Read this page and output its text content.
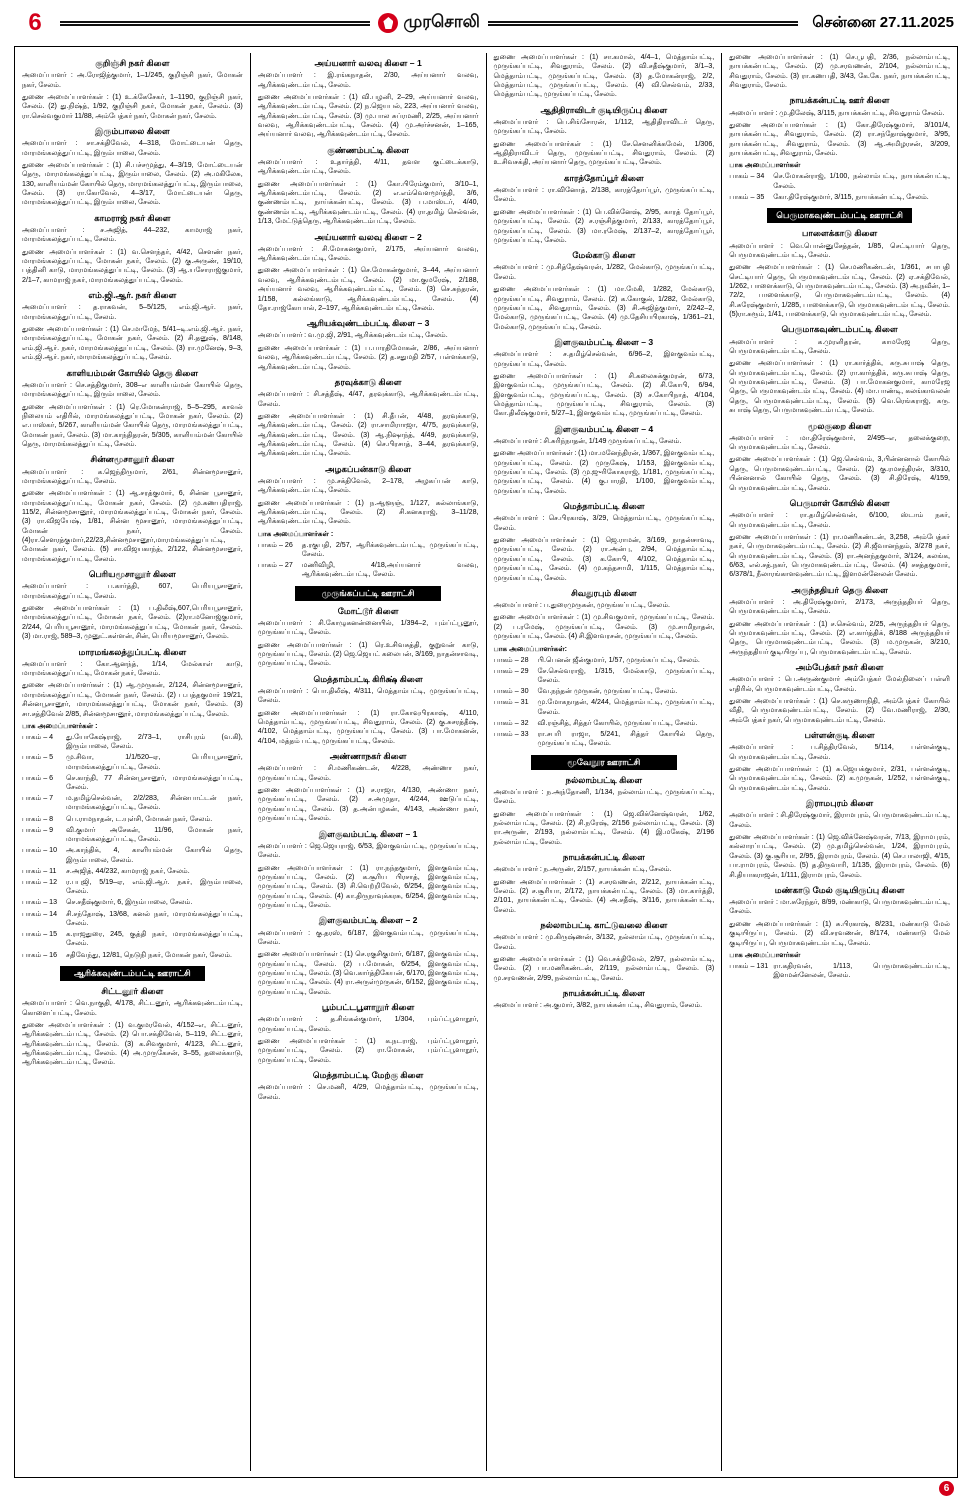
6	முரசொலி	சென்னை 27.11.2025
குறிஞ்சி நகர் கிளை

அமைப்பாளர் : அ.ரோஜித்குமார், 1–1/245, குறிஞ்சி நகர், மோகன் நகர், சேலம்.

துணை அமைப்பாளர்கள் : (1) உ.க்கேசேகர், 1–1190, குறிஞ்சி நகர், சேலம். (2) து.நிஷ்த், 1/92, குறிஞ்சி நகர், மோகன் நகர், சேலம். (3) ரா.செல்வகுமார் 11/88, அம்பேத்கர் நகர், மோகன் நகர், சேலம்.

இரும்பாலை கிளை

அமைப்பாளர் : சா.சக்திவேல், 4–318, மோட்டையன் தெரு, மாரமங்கலத்துப்பட்டி, இரும்பாலை, சேலம்.

துணை அமைப்பாளர்கள் : (1) சி.பச்சமுத்து, 4–3/19, மோட்டையன் தெரு, மாரமங்கலத்துப்பட்டி, இரும்பாலை, சேலம். (2) அ.மகிலேசு, 130, காளியம்மன் கோயில் தெரு, மாரமங்கலத்துப்பட்டி, இரும்பாலை, சேலம். (3) ரா.கோவேல், 4–3/17, மோட்டையன் தெரு, மாரமங்கலத்துப்பட்டி, இரும்பாலை, சேலம்.

காமராஜ் நகர் கிளை

அமைப்பாளர் : ச.அஜித், 44–232, காமராஜ் நகர், மாரமங்கலத்துப்பட்டி, சேலம்.

துணை அமைப்பாளர்கள் : (1) வ.சௌந்தர், 4/42, சௌண் நகர், மாரமங்கலத்துப்பட்டி, மோகன் நகர், சேலம். (2) கு.அருண், 19/10, பத்தினி காடு, மாரமங்கலத்துப்பட்டி, சேலம். (3) ஆ.யசோராஜ்குமார், 2/1–7, காமராஜ் நகர், மாரமங்கலத்துப்பட்டி, சேலம்.

எம்.ஜி.ஆர். நகர் கிளை

அமைப்பாளர் : த.ராகவன், 5–5/125, எம்.ஜி.ஆர். நகர், மாரமங்கலத்துப்பட்டி, சேலம்.

துணை அமைப்பாளர்கள் : (1) செ.மாமேந், 5/41–டி.எம்.ஜி.ஆர். நகர், மாரமங்கலத்துப்பட்டி, மோகன் நகர், சேலம். (2) சி.தனுஷ், 8/148, எம்.ஜி.ஆர். நகர், மாரமங்கலத்துப்பட்டி, சேலம். (3) ரா.முனேஷ், 9–3, எம்.ஜி.ஆர். நகர், மாரமங்கலத்துப்பட்டி, சேலம்.

காளியம்மன் கோயில் தெரு கிளை

அமைப்பாளர் : செ.சத்திகுமார், 308–எ காளியம்மன் கோயில் தெரு, மாரமங்கலத்துப்பட்டி, இரும்பாலை, சேலம்.

துணை அமைப்பாளர்கள் : (1) ரெ.மோகன்ராஜ், 5–5–295, காவல் நிலையம் எதிரில், மாரமங்கலத்துப்பட்டி, மோகன் நகர், சேலம். (2) எ.பாஸ்கர், 5/267, காளியம்மன் கோயில் தெரு, மாரமங்கலத்துப்பட்டி, மோகன் நகர், சேலம். (3) மா.காந்திதரன், 5/305, காளியம்மன் கோயில் தெரு, மாரமங்கலத்துப்பட்டி, சேலம்.

சின்னமூசானூர் கிளை

அமைப்பாளர் : க.ஜெந்திருமார், 2/61, சின்னமூசானூர், மாரமங்கலத்துப்பட்டி, சேலம்.

துணை அமைப்பாளர்கள் : (1) ஆ.சரத்குமார், 6, சின்ன பூசானூர், மாரமங்கலத்துப்பட்டி, மோகன் நகர், சேலம். (2) மு.கணபதிராஜ், 115/2, சின்னமூசானூர், மாரமங்கலத்துப்பட்டி, மோகன் நகர், சேலம். (3) ரா.விஜயேஷ், 1/81, சின்ன மூசானூர், மாரமங்கலத்துப்பட்டி, மோகன் நகர், சேலம். (4)ரா.சௌரத்குமார்,22/23,சின்னமூசானூர்,மாரமங்கலத்துப்பட்டி, மோகன் நகர், சேலம். (5) சா.விஜயகாந்த், 2/122, சின்னமூசானூர், மாரமங்கலத்துப்பட்டி, சேலம்.

பெரியமூசானூர் கிளை

அமைப்பாளர் : ப.கார்த்தி, 607, பெரியபூசானூர், மாரமங்கலத்துப்பட்டி, சேலம்.

துணை அமைப்பாளர்கள் : (1) ப.திலீஷ்,607,பெரியபூசானூர், மாரமங்கலத்துப்பட்டி, மோகன் நகர், சேலம். (2)ரா.மனோஜ்குமார், 2/244, பெரியபூசானூர், மாரமங்கலத்துப்பட்டி, மோகன் நகர், சேலம். (3) மா.ராஜ், 589–3, முனுட்.கள்ளன், சின், பெரியமூசானூர், சேலம்.

மாரமங்கலத்துப்பட்டி கிளை

அமைப்பாளர் : கோ.ஆனந்த், 1/14, மேல்காள் காடு, மாரமங்கலத்துப்பட்டி, மோகன் நகர், சேலம்.

துணை அமைப்பாளர்கள் : (1) ஆ.முருகன், 2/124, சின்னமூசானூர், மாரமங்கலத்துப்பட்டி, மோகன் நகர், சேலம். (2) ப.பத்தகுமார் 19/21, சின்னபூசானூர், மாரமங்கலத்துப்பட்டி, மோகன் நகர், சேலம். (3) சா.சத்திவேல் 2/85, சின்னமூசானூர், மாரமங்கலத்துப்பட்டி, சேலம்.

பாக அமைப்பாளர்கள் :
பாகம் – 4	து.யோகேஷ்ராஜ், 2/73–1, ராசிபுரம் (வ.கி), இரும்பாலை, சேலம்.
பாகம் – 5	மு.சிவா, 1/1/520–ஏ, பெரியபூசானூர், மாரமங்கலத்துப்பட்டி, சேலம்.
பாகம் – 6	செ.காந்தி, 77 சின்னபூசானூர், மாரமங்கலத்துப்பட்டி, சேலம்.
பாகம் – 7	ம.தமிழ்செல்வன், 2/2/283, சின்னபாட்டன் நகர், மாரமங்கலத்துப்பட்டி, சேலம்.
பாகம் – 8	பெ.ராமநாதன், ட.யுள்சி, மோகன் நகர், சேலம்.
பாகம் – 9	வி.குமார் அசேகன், 11/96, மோகன் நகர், மாரமங்கலத்துப்பட்டி, சேலம்.
பாகம் – 10	அ.காந்திக், 4, காளியம்மன் கோயில் தெரு, இரும்பாலை, சேலம்.
பாகம் – 11	ச.அஜித், 44/232, காமராஜ் நகர், சேலம்.
பாகம் – 12	ர.பபுஜி, 5/19–ஏ, எம்.ஜி.ஆர். நகர், இரும்பாலை, சேலம்.
பாகம் – 13	செ.சதீஷ்குமார், 6, இரும்பாலை, சேலம்.
பாகம் – 14	சி.சந்தோஷ், 13/68, கனல் நகர், மாரமங்கலத்துப்பட்டி, சேலம்.
பாகம் – 15	க.ராஜதுரை, 245, குத்தி நகர், மாரமங்கலத்துப்பட்டி, சேலம்.
பாகம் – 16	சதிவேந்து, 12/81, நெடுநி நகர், மோகன் நகர், சேலம்.
ஆரிக்கவுண்டம்பட்டி ஊராட்சி
சிட்டனூர் கிளை

அமைப்பாளர் : வெ.நாகுதி, 4/178, சிட்டனூர், ஆரிக்கவுண்டம்பட்டி, கொளைப்பட்டி, சேலம்.

துணை அமைப்பாளர்கள் : (1) வ.குமரவேல், 4/152–எ, சிட்டனூர், ஆரிக்கவுண்டம்பட்டி, சேலம். (2) பொ.சக்திவேல், 5–119, சிட்டனூர், ஆரிக்கவுண்டம்பட்டி, சேலம். (3) க.சிவகுமார், 4/123, சிட்டனூர், ஆரிக்கவுண்டம்பட்டி, சேலம். (4) அ.முருகேசன், 3–55, தலைக்காடு, ஆரிக்கவுண்டம்பட்டி, சேலம்.

அய்யனார் வலவு கிளை – 1

அமைப்பாளர் : இ.ரங்கநாதன், 2/30, அய்யனார் வலவு, ஆரிக்கவுண்டம்பட்டி, சேலம்.

துணை அமைப்பாளர்கள் : (1) வி.பழனி, 2–29, அய்யனார் வலவு, ஆரிக்கவுண்டம்பட்டி, சேலம். (2) ந.ஜெயபல், 223, அய்யனார் வலவு, ஆரிக்கவுண்டம்பட்டி, சேலம். (3) மு.பால சுப்ரமணி, 2/25, அய்யனார் வலவு, ஆரிக்கவுண்டம்பட்டி, சேலம். (4) மு.அர்ச்சனன், 1–165, அய்யனார் வலவு, ஆரிக்கவுண்டம்பட்டி, சேலம்.

குண்ணம்பட்டி கிளை

அமைப்பாளர் : உதார்த்தி, 4/11, தவள குட்டைக்காடு, ஆரிக்கவுண்டம்பட்டி, சேலம்.

துணை அமைப்பாளர்கள் : (1) கோ.பிரேம்குமார், 3/10–1, ஆரிக்கவுண்டம்பட்டி, சேலம். (2) எ.எம்வெளமூர்த்தி, 3/6, குண்ணம்பட்டி, நாய்க்கன்பட்டி, சேலம். (3) ப.மாஸ்டர், 4/40, குண்ணம்பட்டி, ஆரிக்கவுண்டம்பட்டி, சேலம். (4) ரா.தமிழ் செல்வன், 1/13, மேட்டுத்தெரு, ஆரிக்கவுண்டம்பட்டி, சேலம்.

அய்யனார் வலவு கிளை – 2

அமைப்பாளர் : சி.மோகனகுமார், 2/175, அய்யனார் வலவு, ஆரிக்கவுண்டம்பட்டி, சேலம்.

துணை அமைப்பாளர்கள் : (1) செ.மோகன்குமார், 3–44, அய்யனார் வலவு, ஆரிக்கவுண்டம்பட்டி, சேலம். (2) மா.குமரேஷ், 2/188, அய்யனார் வலவு, ஆரிக்கவுண்டம்பட்டி, சேலம். (3) செ.சுந்தரன், 1/158, கல்லங்காடு, ஆரிக்கவுண்டம்பட்டி, சேலம். (4) தோ.ராஜ்கோபால், 2–197, ஆரிக்கவுண்டம்பட்டி, சேலம்.

ஆரியக்வுண்டம்பட்டி கிளை – 3

அமைப்பாளர் : வ.மு.ஜி, 2/91, ஆரிக்கவுண்டம்பட்டி, சேலம்.

துணை அமைப்பாளர்கள் : (1) ப.பாரதிமோகன், 2/86, அய்யனார் வலவு, ஆரிக்கவுண்டம்பட்டி, சேலம். (2) த.சதுமதி 2/57, பள்ளக்காடு, ஆரிக்கவுண்டம்பட்டி, சேலம்.

தரவுக்காடு கிளை

அமைப்பாளர் : சி.சத்தீஷ், 4/47, தரவுக்காடு, ஆரிக்கவுண்டம்பட்டி, சேலம்.

துணை அமைப்பாளர்கள் : (1) சி.தீபன், 4/48, தரவுக்காடு, ஆரிக்கவுண்டம்பட்டி, சேலம். (2) ரா.சாமிராாஜா, 4/75, தரவுக்காடு, ஆரிக்கவுண்டம்பட்டி, சேலம். (3) ஆ.நிஷாந்த், 4/49, தரவுக்காடு, ஆரிக்கவுண்டம்பட்டி, சேலம். (4) செ.பிரசாத், 3–44, தரவுக்காடு, ஆரிக்கவுண்டம்பட்டி, சேலம்.

அழகப்பன்காடு கிளை

அமைப்பாளர் : மு.சக்திவேல், 2–178, அழகப்பன் காடு, ஆரிக்கவுண்டம்பட்டி, சேலம்.

துணை அமைப்பாளர்கள் : (1) ந.ஆளூஞ், 1/127, கல்லாங்காடு, ஆரிக்கவுண்டம்பட்டி, சேலம். (2) சி.கனகராஜ், 3–11/28, ஆரிக்கவுண்டம்பட்டி, சேலம்.

பாக அமைப்பாளர்கள் :
பாகம் – 26	த.ரகுபதி, 2/57, ஆரிக்கவுண்டம்பட்டி, முருங்கப்பட்டி, சேலம்.
பாகம் – 27	மணிவிழி, 4/18,அய்யனார் வலவு, ஆரிக்கவுண்டம்பட்டி, சேலம்.
முருங்கப்பட்டி ஊராட்சி
மோட்டூர் கிளை

அமைப்பாளர் : சி.கோழுகனன்னையில், 1/394–2, பும்ப்ட்பூனூர், முருங்கப்பட்டி, சேலம்.

துணை அமைப்பாளர்கள் : (1) ரெ.உசிவசுத்தி, குறுவன் காடு, முருங்கப்பட்டி, சேலம். (2) ஜெ.ஜெயட் கலைபன், 3/169, நாதன்சாவடி, முருங்கப்பட்டி, சேலம்.

மெத்தாம்பட்டி கிரிக்ஷ் கிளை

அமைப்பாளர் : பொ.திலீஷ், 4/311, மெத்தாம்பட்டி, முருங்கப்பட்டி, சேலம்.

துணை அமைப்பாளர்கள் : (1) ரா.கோவுபிரகாஷ், 4/110, மெத்தாம்பட்டி, முருங்கப்பட்டி, சிவதுராம், சேலம். (2) கு.சுசரத்தீஷ், 4/102, மெத்தாம்பட்டி, முருங்கப்பட்டி, சேலம். (3) பா.மோகனன், 4/104, மத்தம் பட்டி, முருங்கப்பட்டி, சேலம்.

அண்ணாநகர் கிளை

அமைப்பாளர் : சி.மணிகண்டன், 4/228, அண்ணா நகர், முருங்கப்பட்டி, சேலம்.

துணை அமைப்பாளர்கள் : (1) ச.ராஜா, 4/130, அண்ணா நகர், முருங்கப்பட்டி, சேலம். (2) ச.அமுதா, 4/244, ஊடுப்பட்டி, முருங்கப்பட்டி, சேலம். (3) த.அன்பழகன், 4/143, அண்ணா நகர், முருங்கப்பட்டி, சேலம்.

இளகுவம்பட்டி கிளை – 1

அமைப்பாளர் : ஜெ.ஜெயராஜ், 6/53, இளகுவம்பட்டி, முருங்கப்பட்டி, சேலம்.

துணை அமைப்பாளர்கள் : (1) ரா.நந்தகுமார், இளகுவம்பட்டி, முருங்கப்பட்டி, சேலம். (2) க.சூரிய பிரசாத், இளகுவம்பட்டி, முருங்கப்பட்டி, சேலம். (3) சி.வெற்றிவேல், 6/254, இளகுவம்பட்டி, முருங்கப்பட்டி, சேலம். (4) கா.திருநாவுக்கரசு, 6/254, இளகுவம்பட்டி, முருங்கப்பட்டி, சேலம்.

இளகுவம்பட்டி கிளை – 2

அமைப்பாளர் : கு.தரஸ், 6/187, இளகுவம்பட்டி, முருங்கப்பட்டி, சேலம்.

துணை அமைப்பாளர்கள் : (1) செ.ரகுசிகுமார், 6/187, இளகுவம்பட்டி, முருங்கப்பட்டி, சேலம். (2) ப.மோகன், 6/254, இளகுவம்பட்டி, முருங்கப்பட்டி, சேலம். (3) வெ.கார்த்திகேயன், 6/170, இளகுவம்பட்டி, முருங்கப்பட்டி, சேலம். (4) ரா.அருள்முருகன், 6/152, இளகுவம்பட்டி, முருங்கப்பட்டி, சேலம்.

பூம்பட்டபூளாநூர் கிளை

அமைப்பாளர் : த.சிங்கன்குமார், 1/304, பும்ப்ட்பூளாநூர், முருங்கப்பட்டி, சேலம்.

துணை அமைப்பாளர்கள் : (1) க.நடராஜ், பும்ப்ட்பூளாநூர், முருங்கப்பட்டி, சேலம். (2) ரா.மோகன், பும்ப்ட்பூளாநூர், முருங்கப்பட்டி, சேலம்.

மெத்தாம்பட்டி மேற்கு கிளை

அமைப்பாளர் : செ.மணி, 4/29, மெத்தாம்பட்டி, முருங்கப்பட்டி, சேலம்.

துணை அமைப்பாளர்கள் : (1) சா.கமால், 4/4–1, மெத்தாம்பட்டி, முருங்கப்பட்டி, சிவதுராம், சேலம். (2) வி.சதீஷ்குமார், 3/1–3, மெத்தாம்பட்டி, முருங்கப்பட்டி, சேலம். (3) த.மோகன்ராஜ், 2/2, மெத்தாம்பட்டி, முருங்கப்பட்டி, சேலம். (4) வி.செல்வம், 2/33, மெத்தாம்பட்டி, முருங்கப்பட்டி, சேலம்.

ஆதிதிராவிடர் குடியிருப்பு கிளை

அமைப்பாளர் : பெ.சிங்சோரன், 1/112, ஆதிதிராவிடர் தெரு, முருங்கப்பட்டி, சேலம்.

துணை அமைப்பாளர்கள் : (1) சே.சௌனிக்கமேல், 1/306, ஆதிதிராவிடர் தெரு, முருங்கப்பட்டி, சிவதுராம், சேலம். (2) உ.சிவசக்தி, அய்யனார் தெரு, முருங்கப்பட்டி, சேலம்.

காரத்தோப்பூர் கிளை

அமைப்பாளர் : ரா.வினோத், 2/138, காரத்தோப்பூர், முருங்கப்பட்டி, சேலம்.

துணை அமைப்பாளர்கள் : (1) பெ.விக்னேஷ், 2/95, காரத் தோப்பூர், முருங்கப்பட்டி, சேலம். (2) ச.ரஞ்சித்குமார், 2/133, காரத்தோப்பூர், முருங்கப்பட்டி, சேலம். (3) மா.ரமேஷ், 2/137–2, காரத்தோப்பூர், முருங்கப்பட்டி, சேலம்.

மேல்காடு கிளை

அமைப்பாளர் : மு.சித்தேஷ்வரன், 1/282, மேல்காடு, முருங்கப்பட்டி, சேலம்.

துணை அமைப்பாளர்கள் : (1) மா.மேகி, 1/282, மேல்காடு, முருங்கப்பட்டி, சிவதுராம், சேலம். (2) க.கோகுல், 1/282, மேல்காடு, முருங்கப்பட்டி, சிவதுராம், சேலம். (3) சி.அஜித்குமார், 2/242–2, மேல்காடு, முருங்கப்பட்டி, சேலம். (4) மு.தேசியபிரகாஷ், 1/361–21, மேல்காடு, முருங்கப்பட்டி, சேலம்.

இளகுவம்பட்டி கிளை – 3

அமைப்பாளர் : ச.தமிழ்செல்வன், 6/96–2, இளகுவம்பட்டி, முருங்கப்பட்டி, சேலம்.

துணை அமைப்பாளர்கள் : (1) சி.கலைசுக்குமரன், 6/73, இளகுவம்பட்டி, முருங்கப்பட்டி, சேலம். (2) சி.கோபி, 6/94, இளகுவம்பட்டி, முருங்கப்பட்டி, சேலம். (3) ச.கோபிநாத், 4/104, மெத்தாம்பட்டி, முருங்கப்பட்டி, சிவதுராம், சேலம். (3) கோ.திலீஷ்குமார், 5/27–1, இளகுவம்பட்டி, முருங்கப்பட்டி, சேலம்.

இளகுவம்பட்டி கிளை – 4

அமைப்பாளர் : சி.சுரிந்நாதன், 1/149 முருங்கப்பட்டி, சேலம்.

துணை அமைப்பாளர்கள் : (1) மா.மனேந்திரன், 1/367, இளகுவம்பட்டி, முருங்கப்பட்டி, சேலம். (2) முருகேஷ், 1/153, இளகுவம்பட்டி, முருங்கப்பட்டி, சேலம். (3) மு.ஜுரிகோகராஜ், 1/181, முருங்கப்பட்டி, முருங்கப்பட்டி, சேலம். (4) கு.பாரதி, 1/100, இளகுவம்பட்டி, முருங்கப்பட்டி, சேலம்.

மெத்தாம்பட்டி கிளை

அமைப்பாளர் : செ.பிரகாஷ், 3/29, மெத்தாம்பட்டி, முருங்கப்பட்டி, சேலம்.

துணை அமைப்பாளர்கள் : (1) ஜெ.ராமன், 3/169, நாதன்சாவடி, முருங்கப்பட்டி, சேலம். (2) ரா.அன்பு, 2/94, மெத்தாம்பட்டி, முருங்கப்பட்டி, சேலம். (3) க.கோபி, 4/102, மெத்தாம்பட்டி, முருங்கப்பட்டி, சேலம். (4) மு.கந்தசாமி, 1/115, மெத்தாம்பட்டி, முருங்கப்பட்டி, சேலம்.

சிவதுரபும் கிளை

அமைப்பாளர் : ப.துரைமுருகன், முருங்கப்பட்டி, சேலம்.

துணை அமைப்பாளர்கள் : (1) மு.சிவகுமார், முருங்கப்பட்டி, சேலம். (2) ப.ரமேஷ், முருங்கப்பட்டி, சேலம். (3) மு.சாமிநாதன், முருங்கப்பட்டி, சேலம். (4) சி.இளவரசன், முருங்கப்பட்டி, சேலம்.

பாக அமைப்பாளர்கள்:
பாகம் – 28	பி.பெனன் ஜீன்குமார், 1/57, முருங்கப்பட்டி, சேலம்.
பாகம் – 29	சே.செல்வராஜ், 1/315, மேல்காடு, முருங்கப்பட்டி, சேலம்.
பாகம் – 30	வே.நந்தன் முருகன், முருங்கப்பட்டி, சேலம்.
பாகம் – 31	மு.மோகநாதன், 4/244, மெத்தாம்பட்டி, முருங்கப்பட்டி, சேலம்.
பாகம் – 32	வி.ரஞ்சித், சித்தர் கோயில், முருங்கப்பட்டி, சேலம்.
பாகம் – 33	ரா.சபரி ராஜா, 5/241, சித்தர் கோயில் தெரு, முருங்கப்பட்டி, சேலம்.
மூவேநூர ஊராட்சி
நல்லாம்பட்டி கிளை

அமைப்பாளர் : ந.அந்தோணி, 1/134, நல்லாம்பட்டி, முருங்கப்பட்டி, சேலம்.

துணை அமைப்பாளர்கள் : (1) ஜெ.விக்னேஷ்வரன், 1/62, நல்லாம்பட்டி, சேலம். (2) சி.நரேஷ், 2/156 நல்லாம்பட்டி, சேலம். (3) ரா.அருண், 2/193, நல்லாம்பட்டி, சேலம். (4) இ.மகேஷ், 2/196 நல்லாம்பட்டி, சேலம்.

நாயக்கன்பட்டி கிளை

அமைப்பாளர் : ந.அருண், 2/157, நாயக்கன்பட்டி, சேலம்.

துணை அமைப்பாளர்கள் : (1) ச.சரவணன், 2/212, நாயக்கன்பட்டி, சேலம். (2) ச.சூரியா, 2/172, நாயக்கன்பட்டி, சேலம். (3) மா.கார்த்தி, 2/101, நாயக்கன்பட்டி, சேலம். (4) அ.சதீஷ், 3/116, நாயக்கன்பட்டி, சேலம்.

நல்லாம்பட்டி காட்டுவலை கிளை

அமைப்பாளர் : மு.கிருஷ்ணன், 3/132, நல்லாம்பட்டி, முருங்கப்பட்டி, சேலம்.

துணை அமைப்பாளர்கள் : (1) வெ.சக்திவேல், 2/97, நல்லாம்பட்டி, சேலம். (2) பா.மணிகண்டன், 2/119, நல்லாம்பட்டி, சேலம். (3) மு.சரவணன், 2/99, நல்லாம்பட்டி, சேலம்.

நாயக்கன்பட்டி கிளை

அமைப்பாளர் : அ.குமார், 3/82, நாயக்கன்பட்டி, சிவதுராம், சேலம்.

துணை அமைப்பாளர்கள் : (1) செ.பூபதி, 2/36, நல்லாம்பட்டி, நாயக்கன்பட்டி, சேலம். (2) மு.சரவணன், 2/104, நல்லாம்பட்டி, சிவதுராம், சேலம். (3) ரா.கணபதி, 3/43, கே.கே. நகர், நாயக்கன்பட்டி, சிவதுராம், சேலம்.

நாயக்கன்பட்டி ஊர் கிளை

அமைப்பாளர் : மு.திலேஷ், 3/115, நாயக்கன்பட்டி, சிவதுராம் சேலம்.

துணை அமைப்பாளர்கள் : (1) கோ.திரேஷ்குமார், 3/101/4, நாயக்கன்பட்டி, சிவதுராம், சேலம். (2) ரா.சந்தோஷ்குமார், 3/95, நாயக்கன்பட்டி, சிவதுராம், சேலம். (3) ஆ.அமிழரசன், 3/209, நாயக்கன்பட்டி, சிவதுராம், சேலம்.

பாக அமைப்பாளர்கள்
பாகம் – 34	செ.மோகன்ராஜ், 1/100, நல்லாம்பட்டி, நாயக்கன்பட்டி, சேலம்.
பாகம் – 35	கோ.திரேஷ்குமார், 3/115, நாயக்கன்பட்டி, சேலம்.
பெருமாகவுண்டம்பட்டி ஊராட்சி
பாளைக்காடு கிளை

அமைப்பாளர் : வெ.பொன்னுசேத்தன், 1/85, செட்டியார் தெரு, பெருமாகவுண்டம்பட்டி, சேலம்.

துணை அமைப்பாளர்கள் : (1) செ.மணிகண்டன், 1/361, சபாபதி செட்டியார் தெரு, பெருமாகவுண்டம்பட்டி, சேலம். (2) ஏ.சக்திவேல், 1/262, பாளைக்காடு, பெருமாகவுண்டம்பட்டி, சேலம். (3) அ.நவீன், 1–72/2, பாளைக்காடு, பெருமாகவுண்டம்பட்டி, சேலம். (4) சி.சுரேஷ்குமார், 1/285, பாளைக்காடு, பெருமாகவுண்டம்பட்டி, சேலம். (5)ரா.சுரூம், 1/41, பாளைக்காடு, பெருமாகவுண்டம்பட்டி, சேலம்.

பெருமாகவுண்டம்பட்டி கிளை

அமைப்பாளர் : க.முரளிதரன், காமரேஜ தெரு, பெருமாகவுண்டம்பட்டி, சேலம்.

துணை அமைப்பாளர்கள் : (1) ரா.கார்த்திக், கரு.சுபாஷ் தெரு, பெருமாகவுண்டம்பட்டி, சேலம். (2) ரா.கார்த்திக், கரு.சுபாஷ் தெரு, பெருமாகவுண்டம்பட்டி, சேலம். (3) பா.மோகனகுமார், காமரேஜ தெரு, பெருமாகவுண்டம்பட்டி, சேலம். (4) மா.பாண்டி, கலங்காவலன் தெரு, பெருமாகவுண்டம்பட்டி, சேலம். (5) வெ.ரெங்கராஜ், கரு. சுபாஷ் தெரு, பெருமாகவுண்டம்பட்டி, சேலம்.

மூலகுறை கிளை

அமைப்பாளர் : மா.திரேஷ்குமார், 2/495–எ, தலைக்குறை, பெருமாகவுண்டம்பட்டி, சேலம்.

துணை அமைப்பாளர்கள் : (1) ஜெ.செல்வம், 3,பின்னனால் கோயில் தெரு, பெருமாகவுண்டம்பட்டி, சேலம். (2) கு.ரமசந்திரன், 3/310, பின்னனால் கோயில் தெரு, சேலம். (3) சி.திரேஷ், 4/159, பெருமாகவுண்டம்பட்டி, சேலம்.

பெருமாள் கோயில் கிளை

அமைப்பாளர் : ரா.தமிழ்செல்வன், 6/100, ஸ்டாம் நகர், பெருமாகவுண்டம்பட்டி, சேலம்.

துணை அமைப்பாளர்கள் : (1) ரா.மணிகண்டன், 3,258, அம்பேத்கர் நகர், பெருமாகவுண்டம்பட்டி, சேலம். (2) சி.ஜீவானந்தம், 3/278 நகர், பெருமாகவுண்டம்பட்டி, சேலம். (3) ரா.அனந்தகுமார், 3/124, கலங்க, 6/63, எல்.சத்.நகர், பெருமாகவுண்டம்பட்டி, சேலம். (4) சசத்தகுமார், 6/378/1, நீலாரங்காளவுண்டம்பட்டி, இளமன்னேலன் சேலம்.

அருந்ததியா் தெரு கிளை

அமைப்பாளர் : அ.திரேஷ்குமார், 2/173, அருந்ததியர் தெரு, பெருமாகவுண்டம்பட்டி, சேலம்.

துணை அமைப்பாளர்கள் : (1) ச.செல்வம், 2/25, அருந்ததியர் தெரு, பெருமாகவுண்டம்பட்டி, சேலம். (2) எ.கார்த்திக், 8/188 அருந்ததியர் தெரு, பெருமாகவுண்டம்பட்டி, சேலம். (3) ம.முருகன், 3/210, அருந்ததியர் குடியிருப்பு, பெருமாகவுண்டம்பட்டி, சேலம்.

அம்பேத்கர் நகர் கிளை

அமைப்பாளர் : பெ.அருண்குமார் அம்பேத்கர் மேல்நிலைப் பள்ளி எதிரில், பெருமாகவுண்டம்பட்டி, சேலம்.

துணை அமைப்பாளர்கள் : (1) செ.கருணாநிதி, அம்பேத்கர் கோயில் வீதி, பெருமாகவுண்டம்பட்டி, சேலம். (2) வே.மணிராஜ், 2/30, அம்பேத்கர் நகர், பெருமாகவுண்டம்பட்டி, சேலம்.

பள்ளன்குடி கிளை

அமைப்பாளர் : ப.சித்திரவேல், 5/114, பள்ளன்குடி, பெருமாகவுண்டம்பட்டி, சேலம்.

துணை அமைப்பாளர்கள் : (1) சு.ஜெயக்குமார், 2/31, பள்ளன்குடி, பெருமாகவுண்டம்பட்டி, சேலம். (2) க.முருகன், 1/252, பள்ளன்குடி, பெருமாகவுண்டம்பட்டி, சேலம்.

இராமபுரம் கிளை

அமைப்பாளர் : சி.திரேஷ்குமார், இராமபுரம், பெருமாகவுண்டம்பட்டி, சேலம்.

துணை அமைப்பாளர்கள் : (1) ஜெ.விக்னேஷ்வரன், 7/13, இராமபுரம், கல்லாரப்பட்டி, சேலம். (2) மு.தமிழ்செல்வன், 1/24, இராமபுரம், சேலம். (3) கு.சூரியா, 2/95, இராமபுரம், சேலம். (4) செ.பாலாஜி, 4/15, பா.ராமபுரம், சேலம். (5) த.திருவாரி, 1/135, இராமபுரம், சேலம். (6) சி.தியாகராஜன், 1/111, இராமபுரம், சேலம்.

மண்காடு மேல் குடியிருப்பு கிளை

அமைப்பாளர் : மா.சுரேந்தர், 8/99, மண்காடு, பெருமாகவுண்டம்பட்டி, சேலம்.

துணை அமைப்பாளர்கள் : (1) சு.பிரகாஷ், 8/231, மண்காடு மேல் குடியிருப்பு, சேலம். (2) வி.சரவணன், 8/174, மண்காடு மேல் குடியிருப்பு, பெருமாகவுண்டம்பட்டி, சேலம்.

பாக அமைப்பாளர்கள்
பாகம் – 131 ரா.கதிரவன், 1/113, பெருமாகவுண்டம்பட்டி, இளமன்னேலன், சேலம்.
6
